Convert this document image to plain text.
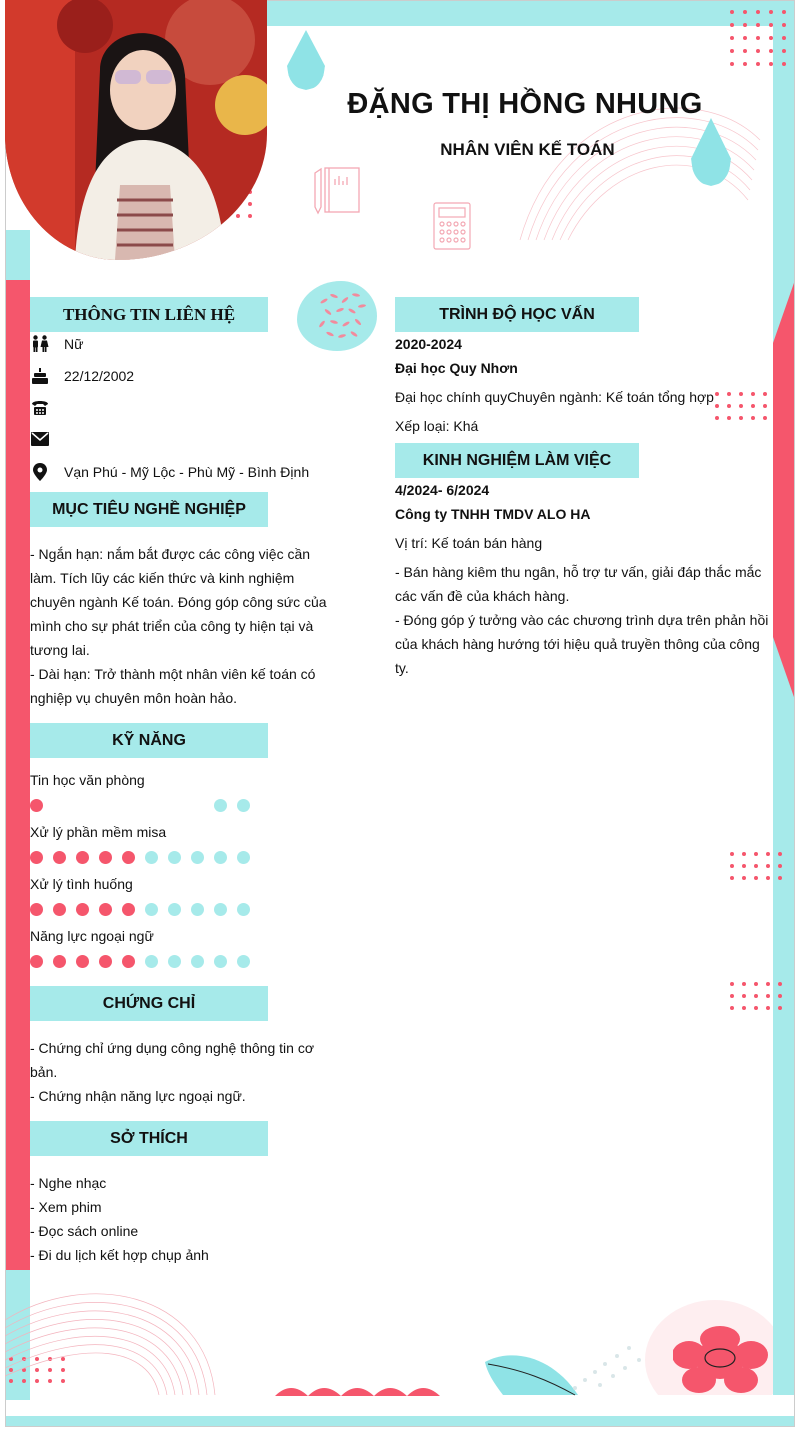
ĐẶNG THỊ HỒNG NHUNG
NHÂN VIÊN KẾ TOÁN
THÔNG TIN LIÊN HỆ
Nữ
22/12/2002
Vạn Phú - Mỹ Lộc - Phù Mỹ - Bình Định
MỤC TIÊU NGHỀ NGHIỆP
- Ngắn hạn: nắm bắt được các công việc cần
làm. Tích lũy các kiến thức và kinh nghiệm
chuyên ngành Kế toán. Đóng góp công sức của
mình cho sự phát triển của công ty hiện tại và
tương lai.
- Dài hạn: Trở thành một nhân viên kế toán có
nghiệp vụ chuyên môn hoàn hảo.
KỸ NĂNG
Tin học văn phòng
Xử lý phần mềm misa
Xử lý tình huống
Năng lực ngoại ngữ
CHỨNG CHỈ
- Chứng chỉ ứng dụng công nghệ thông tin cơ
bản.
- Chứng nhận năng lực ngoại ngữ.
SỞ THÍCH
- Nghe nhạc
- Xem phim
- Đọc sách online
- Đi du lịch kết hợp chụp ảnh
TRÌNH ĐỘ HỌC VẤN
2020-2024
Đại học Quy Nhơn
Đại học chính quyChuyên ngành: Kế toán tổng hợp
Xếp loại: Khá
KINH NGHIỆM LÀM VIỆC
4/2024- 6/2024
Công ty TNHH TMDV ALO HA
Vị trí: Kế toán bán hàng
- Bán hàng kiêm thu ngân, hỗ trợ tư vấn, giải đáp thắc mắc
các vấn đề của khách hàng.
- Đóng góp ý tưởng vào các chương trình dựa trên phản hồi
của khách hàng hướng tới hiệu quả truyền thông của công
ty.
